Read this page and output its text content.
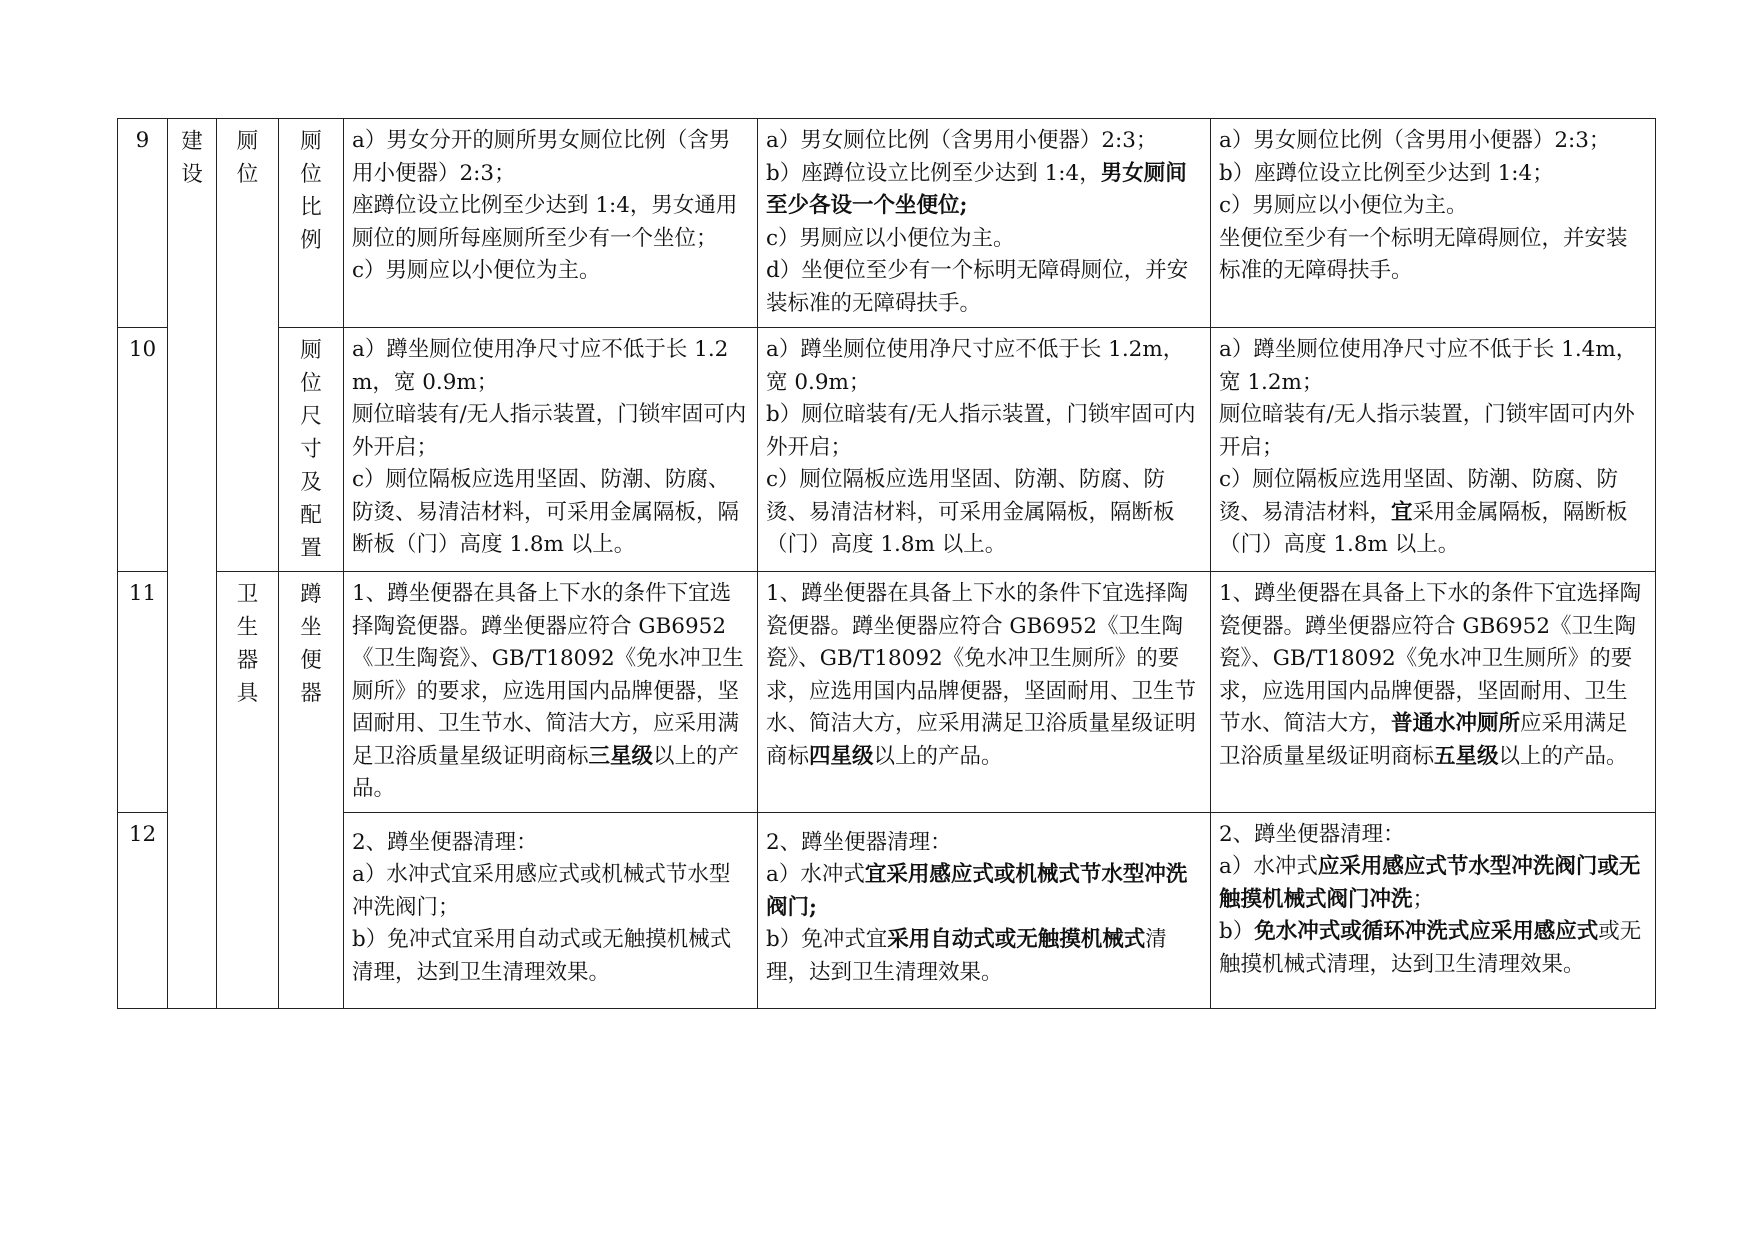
9	建设	厕位	厕位比例	a）男女分开的厕所男女厕位比例（含男用小便器）2:3；
座蹲位设立比例至少达到 1:4，男女通用厕位的厕所每座厕所至少有一个坐位；
c）男厕应以小便位为主。	a）男女厕位比例（含男用小便器）2:3；
b）座蹲位设立比例至少达到 1:4，男女厕间至少各设一个坐便位;
c）男厕应以小便位为主。
d）坐便位至少有一个标明无障碍厕位，并安装标准的无障碍扶手。	a）男女厕位比例（含男用小便器）2:3；
b）座蹲位设立比例至少达到 1:4；
c）男厕应以小便位为主。
坐便位至少有一个标明无障碍厕位，并安装标准的无障碍扶手。

10			厕位尺寸及配置	a）蹲坐厕位使用净尺寸应不低于长 1.2m，宽 0.9m；
厕位暗装有/无人指示装置，门锁牢固可内外开启；
c）厕位隔板应选用坚固、防潮、防腐、防烫、易清洁材料，可采用金属隔板，隔断板（门）高度 1.8m 以上。	a）蹲坐厕位使用净尺寸应不低于长 1.2m，宽 0.9m；
b）厕位暗装有/无人指示装置，门锁牢固可内外开启；
c）厕位隔板应选用坚固、防潮、防腐、防烫、易清洁材料，可采用金属隔板，隔断板（门）高度 1.8m 以上。	a）蹲坐厕位使用净尺寸应不低于长 1.4m，宽 1.2m；
厕位暗装有/无人指示装置，门锁牢固可内外开启；
c）厕位隔板应选用坚固、防潮、防腐、防烫、易清洁材料，宜采用金属隔板，隔断板（门）高度 1.8m 以上。

11		卫生器具	蹲坐便器	1、蹲坐便器在具备上下水的条件下宜选择陶瓷便器。蹲坐便器应符合 GB6952《卫生陶瓷》、GB/T18092《免水冲卫生厕所》的要求，应选用国内品牌便器，坚固耐用、卫生节水、简洁大方，应采用满足卫浴质量星级证明商标三星级以上的产品。	1、蹲坐便器在具备上下水的条件下宜选择陶瓷便器。蹲坐便器应符合 GB6952《卫生陶瓷》、GB/T18092《免水冲卫生厕所》的要求，应选用国内品牌便器，坚固耐用、卫生节水、简洁大方，应采用满足卫浴质量星级证明商标四星级以上的产品。	1、蹲坐便器在具备上下水的条件下宜选择陶瓷便器。蹲坐便器应符合 GB6952《卫生陶瓷》、GB/T18092《免水冲卫生厕所》的要求，应选用国内品牌便器，坚固耐用、卫生节水、简洁大方，普通水冲厕所应采用满足卫浴质量星级证明商标五星级以上的产品。
12				2、蹲坐便器清理：
a）水冲式宜采用感应式或机械式节水型冲洗阀门；
b）免冲式宜采用自动式或无触摸机械式清理，达到卫生清理效果。	2、蹲坐便器清理：
a）水冲式宜采用感应式或机械式节水型冲洗阀门;
b）免冲式宜采用自动式或无触摸机械式清理，达到卫生清理效果。	2、蹲坐便器清理：
a）水冲式应采用感应式节水型冲洗阀门或无触摸机械式阀门冲洗；
b）免水冲式或循环冲洗式应采用感应式或无触摸机械式清理，达到卫生清理效果。
